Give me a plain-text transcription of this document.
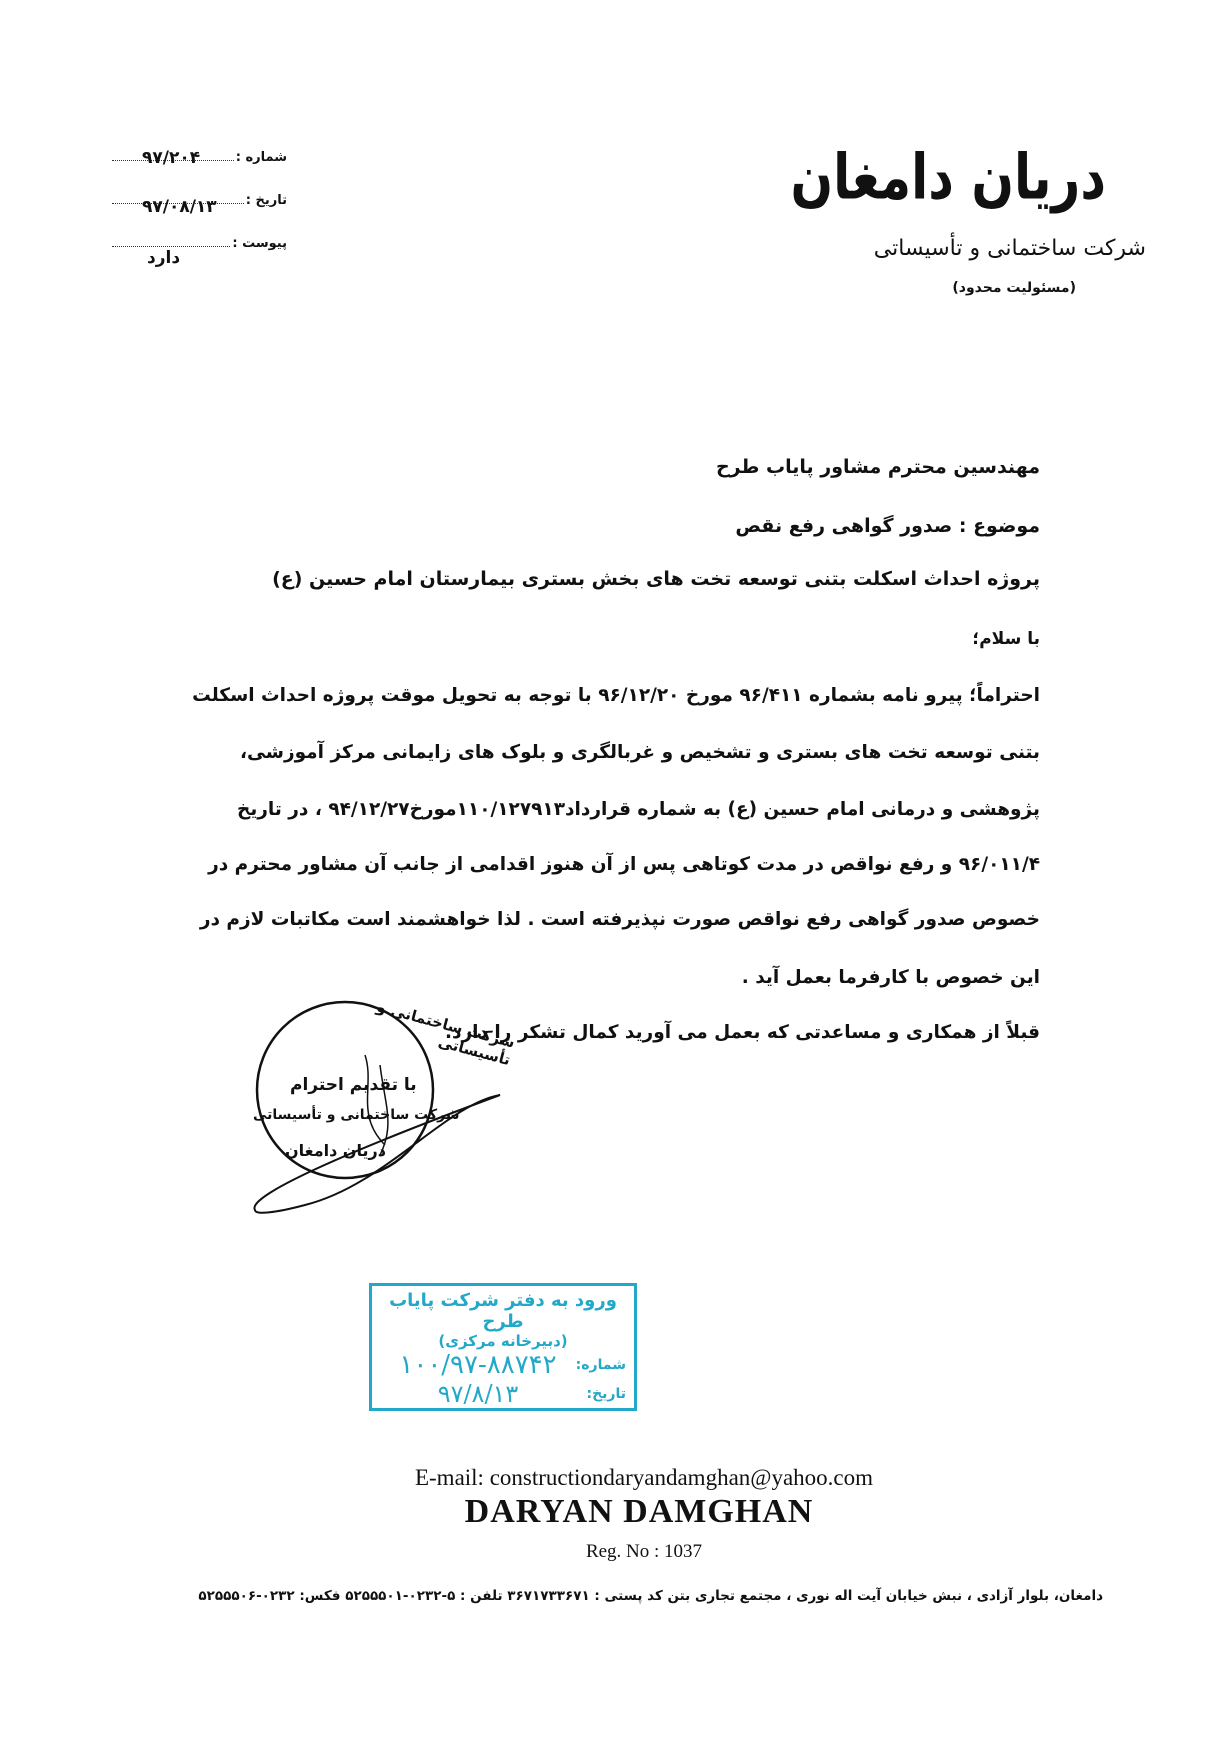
دریان دامغان
شرکت ساختمانی و تأسیساتی
(مسئولیت محدود)
شماره :
۹۷/۲۰۴
تاریخ :
۹۷/۰۸/۱۳
پیوست :
دارد
مهندسین محترم مشاور پایاب طرح
موضوع : صدور گواهی رفع نقص
پروژه احداث اسکلت بتنی توسعه تخت های بخش بستری بیمارستان امام حسین (ع)
با سلام؛
احتراماً؛ پیرو نامه بشماره ۹۶/۴۱۱ مورخ ۹۶/۱۲/۲۰ با توجه به تحویل موقت پروژه احداث اسکلت
بتنی توسعه تخت های بستری و تشخیص و غربالگری و بلوک های زایمانی مرکز آموزشی،
پژوهشی و درمانی امام حسین (ع) به شماره قرارداد۱۱۰/۱۲۷۹۱۳مورخ۹۴/۱۲/۲۷ ، در تاریخ
۹۶/۰۱۱/۴ و رفع نواقص در مدت کوتاهی پس از آن هنوز اقدامی از جانب آن مشاور محترم در
خصوص صدور گواهی رفع نواقص صورت نپذیرفته است . لذا خواهشمند است مکاتبات لازم در
این خصوص با کارفرما بعمل آید .
قبلاً از همکاری و مساعدتی که بعمل می آورید کمال تشکر را دارد.
شرکت ساختمانی و تأسیساتی
با تقدیم احترام
شرکت ساختمانی و تأسیساتی
دریان دامغان
ورود به دفتر شرکت پایاب طرح
(دبیرخانه مرکزی)
شماره:
۱۰۰/۹۷-۸۸۷۴۲
تاریخ:
۹۷/۸/۱۳
E-mail: constructiondaryandamghan@yahoo.com
DARYAN DAMGHAN
Reg. No : 1037
دامغان، بلوار آزادی ، نبش خیابان آیت اله نوری ، مجتمع تجاری بتن کد پستی : ۳۶۷۱۷۳۳۶۷۱ تلفن : ۵-۰۲۳۲-۵۲۵۵۵۰۱ فکس: ۰۲۳۲-۵۲۵۵۵۰۶
